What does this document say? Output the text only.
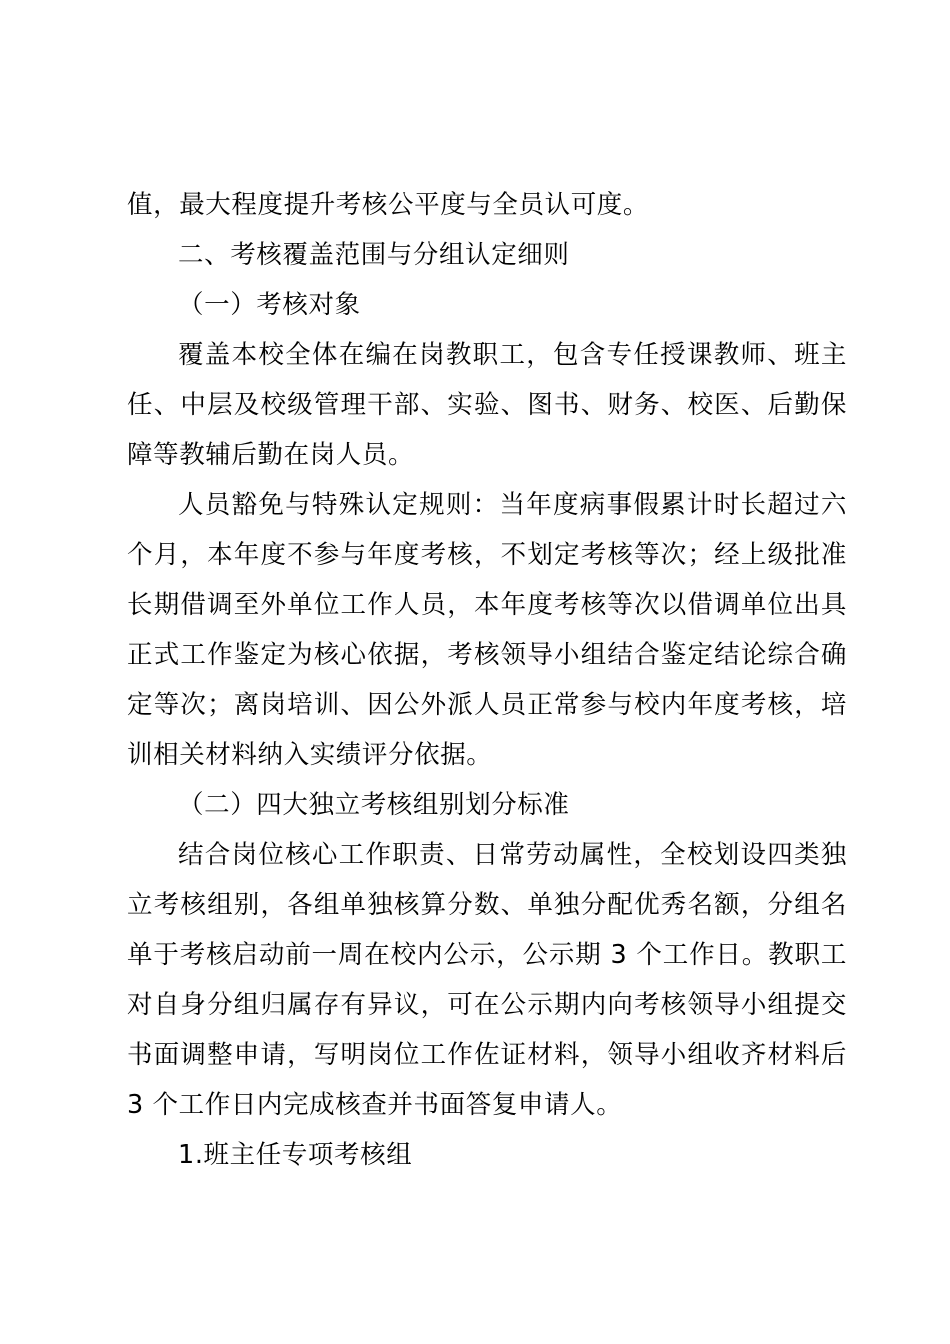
值，最大程度提升考核公平度与全员认可度。
二、考核覆盖范围与分组认定细则
（一）考核对象
覆盖本校全体在编在岗教职工，包含专任授课教师、班主
任、中层及校级管理干部、实验、图书、财务、校医、后勤保
障等教辅后勤在岗人员。
人员豁免与特殊认定规则：当年度病事假累计时长超过六
个月，本年度不参与年度考核，不划定考核等次；经上级批准
长期借调至外单位工作人员，本年度考核等次以借调单位出具
正式工作鉴定为核心依据，考核领导小组结合鉴定结论综合确
定等次；离岗培训、因公外派人员正常参与校内年度考核，培
训相关材料纳入实绩评分依据。
（二）四大独立考核组别划分标准
结合岗位核心工作职责、日常劳动属性，全校划设四类独
立考核组别，各组单独核算分数、单独分配优秀名额，分组名
单于考核启动前一周在校内公示，公示期 3 个工作日。教职工
对自身分组归属存有异议，可在公示期内向考核领导小组提交
书面调整申请，写明岗位工作佐证材料，领导小组收齐材料后
3 个工作日内完成核查并书面答复申请人。
1.班主任专项考核组
